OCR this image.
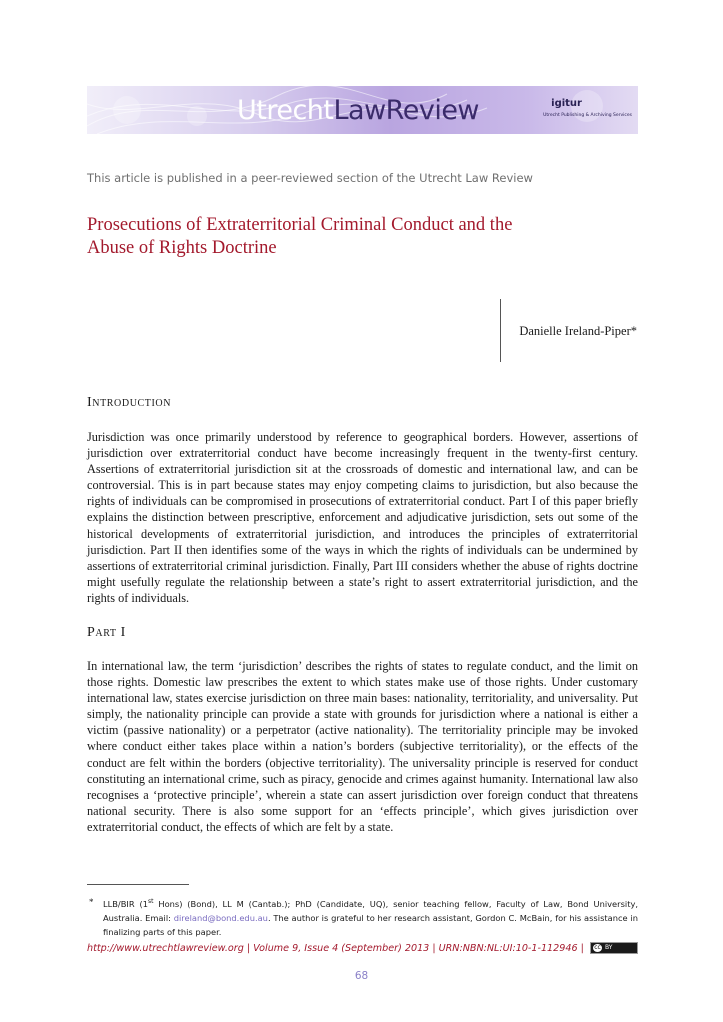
UtrechtLawReview	igitur
Utrecht Publishing & Archiving Services
This article is published in a peer-reviewed section of the Utrecht Law Review
Prosecutions of Extraterritorial Criminal Conduct and the Abuse of Rights Doctrine
Danielle Ireland-Piper*
Introduction

Jurisdiction was once primarily understood by reference to geographical borders. However, assertions of jurisdiction over extraterritorial conduct have become increasingly frequent in the twenty-first century. Assertions of extraterritorial jurisdiction sit at the crossroads of domestic and international law, and can be controversial. This is in part because states may enjoy competing claims to jurisdiction, but also because the rights of individuals can be compromised in prosecutions of extraterritorial conduct. Part I of this paper briefly explains the distinction between prescriptive, enforcement and adjudicative jurisdiction, sets out some of the historical developments of extraterritorial jurisdiction, and introduces the principles of extraterritorial jurisdiction. Part II then identifies some of the ways in which the rights of individuals can be undermined by assertions of extraterritorial criminal jurisdiction. Finally, Part III considers whether the abuse of rights doctrine might usefully regulate the relationship between a state’s right to assert extraterritorial jurisdiction, and the rights of individuals.

Part I

In international law, the term ‘jurisdiction’ describes the rights of states to regulate conduct, and the limit on those rights. Domestic law prescribes the extent to which states make use of those rights. Under customary international law, states exercise jurisdiction on three main bases: nationality, territoriality, and universality. Put simply, the nationality principle can provide a state with grounds for jurisdiction where a national is either a victim (passive nationality) or a perpetrator (active nationality). The territoriality principle may be invoked where conduct either takes place within a nation’s borders (subjective territoriality), or the effects of the conduct are felt within the borders (objective territoriality). The universality principle is reserved for conduct constituting an international crime, such as piracy, genocide and crimes against humanity. International law also recognises a ‘protective principle’, wherein a state can assert jurisdiction over foreign conduct that threatens national security. There is also some support for an ‘effects principle’, which gives jurisdiction over extraterritorial conduct, the effects of which are felt by a state.

* LLB/BIR (1st Hons) (Bond), LL M (Cantab.); PhD (Candidate, UQ), senior teaching fellow, Faculty of Law, Bond University, Australia. Email: direland@bond.edu.au. The author is grateful to her research assistant, Gordon C. McBain, for his assistance in finalizing parts of this paper.

http://www.utrechtlawreview.org | Volume 9, Issue 4 (September) 2013 | URN:NBN:NL:UI:10-1-112946 | cc BY
68
